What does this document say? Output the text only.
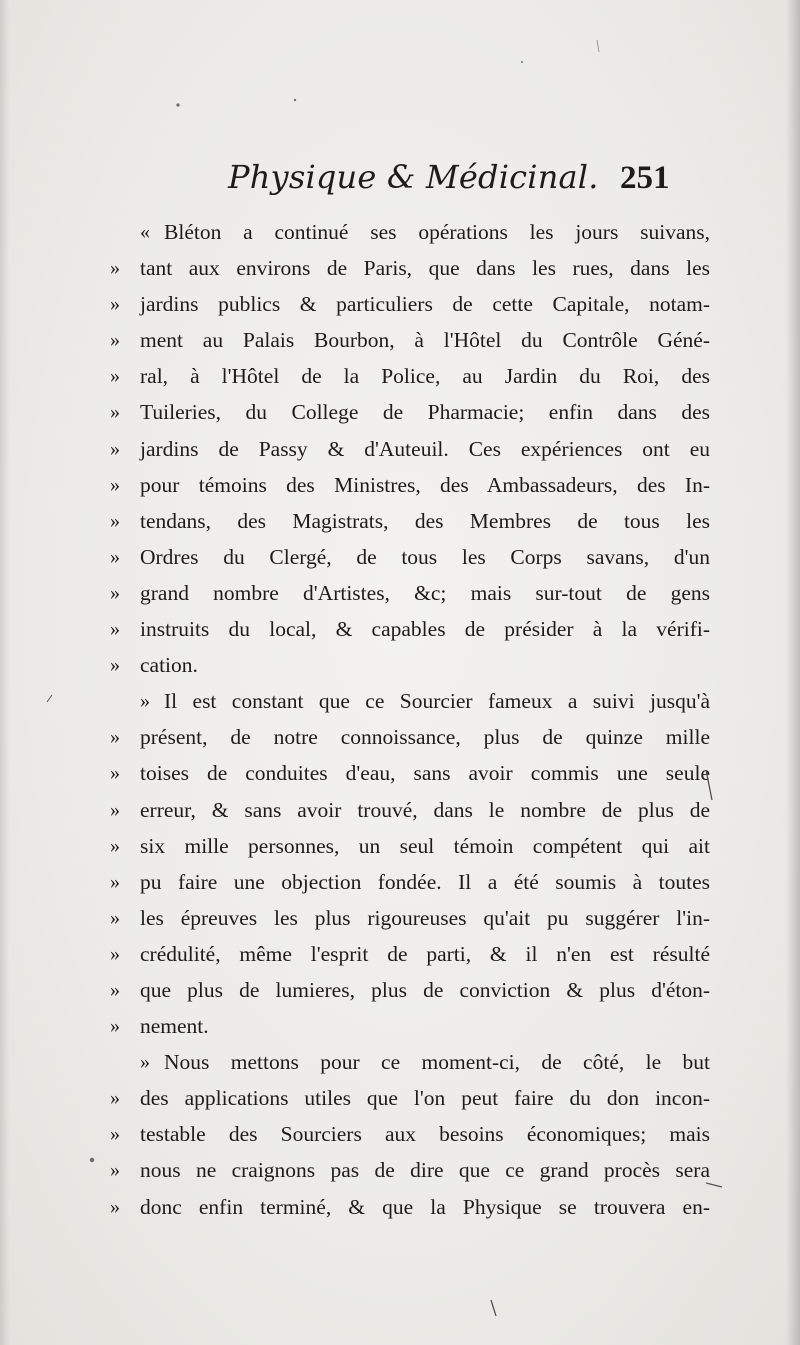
Physique & Médicinal. 251
« Bléton a continué ses opérations les jours suivans,
» tant aux environs de Paris, que dans les rues, dans les
» jardins publics & particuliers de cette Capitale, notam-
» ment au Palais Bourbon, à l'Hôtel du Contrôle Géné-
» ral, à l'Hôtel de la Police, au Jardin du Roi, des
» Tuileries, du College de Pharmacie; enfin dans des
» jardins de Passy & d'Auteuil. Ces expériences ont eu
» pour témoins des Ministres, des Ambassadeurs, des In-
» tendans, des Magistrats, des Membres de tous les
» Ordres du Clergé, de tous les Corps savans, d'un
» grand nombre d'Artistes, &c; mais sur-tout de gens
» instruits du local, & capables de présider à la vérifi-
» cation.
» Il est constant que ce Sourcier fameux a suivi jusqu'à
» présent, de notre connoissance, plus de quinze mille
» toises de conduites d'eau, sans avoir commis une seule
» erreur, & sans avoir trouvé, dans le nombre de plus de
» six mille personnes, un seul témoin compétent qui ait
» pu faire une objection fondée. Il a été soumis à toutes
» les épreuves les plus rigoureuses qu'ait pu suggérer l'in-
» crédulité, même l'esprit de parti, & il n'en est résulté
» que plus de lumieres, plus de conviction & plus d'éton-
» nement.
» Nous mettons pour ce moment-ci, de côté, le but
» des applications utiles que l'on peut faire du don incon-
» testable des Sourciers aux besoins économiques; mais
» nous ne craignons pas de dire que ce grand procès sera
» donc enfin terminé, & que la Physique se trouvera en-
